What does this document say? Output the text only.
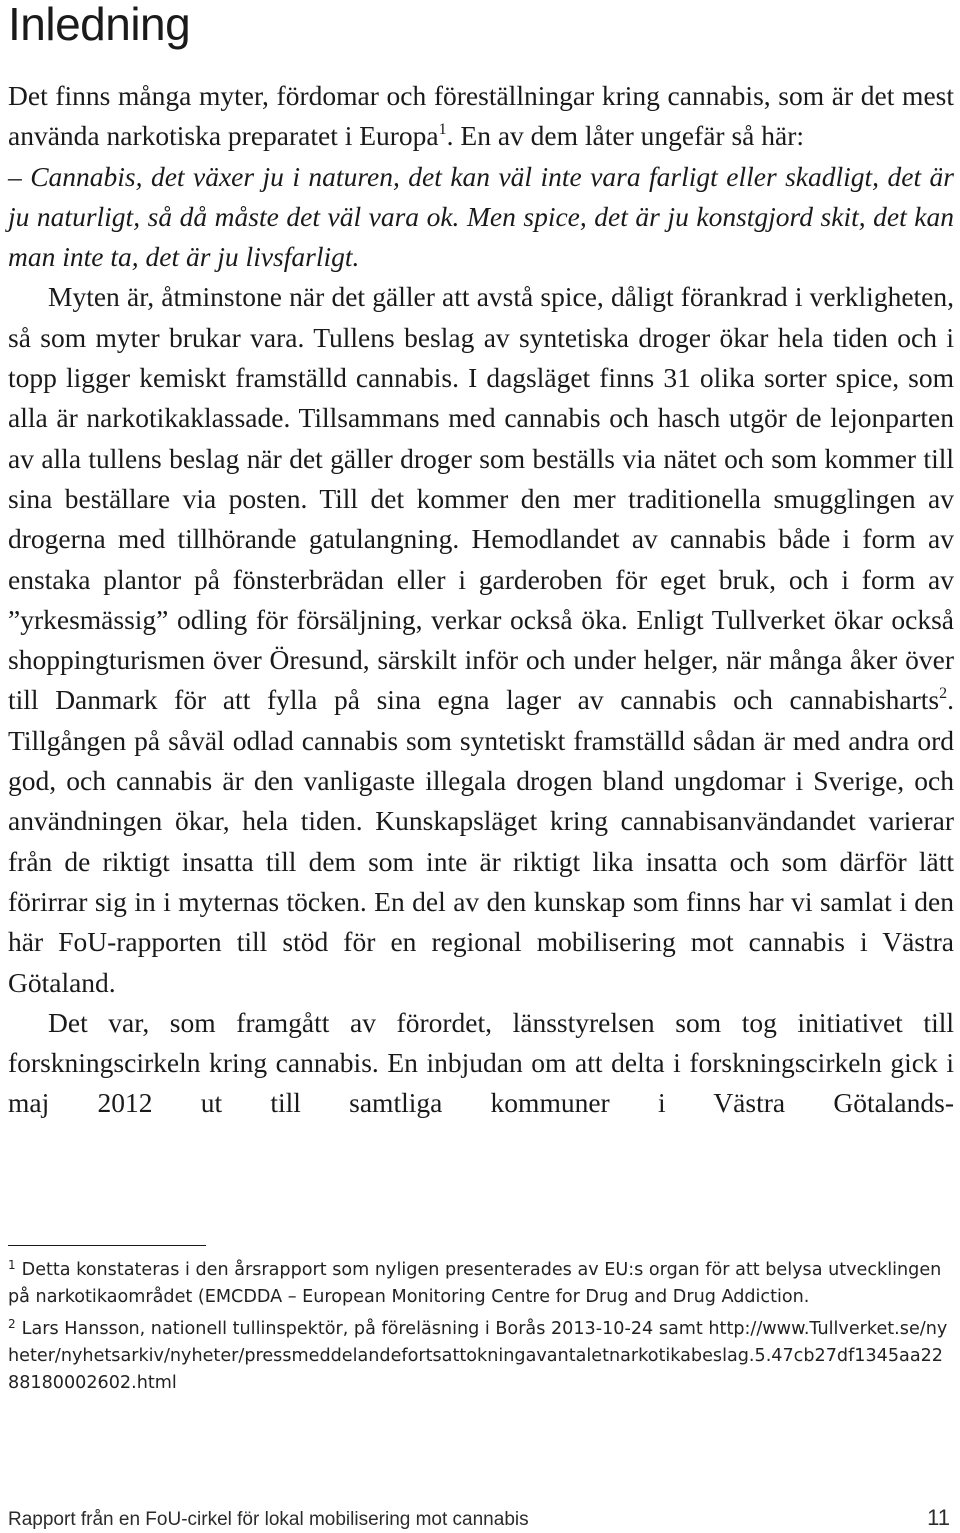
Inledning

Det finns många myter, fördomar och föreställningar kring cannabis, som är det mest använda narkotiska preparatet i Europa$^1$. En av dem låter ungefär så här:
– Cannabis, det växer ju i naturen, det kan väl inte vara farligt eller skadligt, det är ju naturligt, så då måste det väl vara ok. Men spice, det är ju konstgjord skit, det kan man inte ta, det är ju livsfarligt.

Myten är, åtminstone när det gäller att avstå spice, dåligt förankrad i verkligheten, så som myter brukar vara. Tullens beslag av syntetiska droger ökar hela tiden och i topp ligger kemiskt framställd cannabis. I dagsläget finns 31 olika sorter spice, som alla är narkotikaklassade. Tillsammans med cannabis och hasch utgör de lejonparten av alla tullens beslag när det gäller droger som beställs via nätet och som kommer till sina beställare via posten. Till det kommer den mer traditionella smugglingen av drogerna med tillhörande gatulangning. Hemodlandet av cannabis både i form av enstaka plantor på fönsterbrädan eller i garderoben för eget bruk, och i form av ”yrkesmässig” odling för försäljning, verkar också öka. Enligt Tullverket ökar också shoppingturismen över Öresund, särskilt inför och under helger, när många åker över till Danmark för att fylla på sina egna lager av cannabis och cannabisharts$^2$. Tillgången på såväl odlad cannabis som syntetiskt framställd sådan är med andra ord god, och cannabis är den vanligaste illegala drogen bland ungdomar i Sverige, och användningen ökar, hela tiden. Kunskapsläget kring cannabisanvändandet varierar från de riktigt insatta till dem som inte är riktigt lika insatta och som därför lätt förirrar sig in i myternas töcken. En del av den kunskap som finns har vi samlat i den här FoU-rapporten till stöd för en regional mobilisering mot cannabis i Västra Götaland.

Det var, som framgått av förordet, länsstyrelsen som tog initiativet till forskningscirkeln kring cannabis. En inbjudan om att delta i forskningscirkeln gick i maj 2012 ut till samtliga kommuner i Västra Götalands-

$^1$ Detta konstateras i den årsrapport som nyligen presenterades av EU:s organ för att belysa utvecklingen på narkotikaområdet (EMCDDA – European Monitoring Centre for Drug and Drug Addiction.

$^2$ Lars Hansson, nationell tullinspektör, på föreläsning i Borås 2013-10-24 samt http://www.Tullverket.se/nyheter/nyhetsarkiv/nyheter/pressmeddelandefortsattokningavantaletnarkotikabeslag.5.47cb27df1345aa2288180002602.html

Rapport från en FoU-cirkel för lokal mobilisering mot cannabis	11
